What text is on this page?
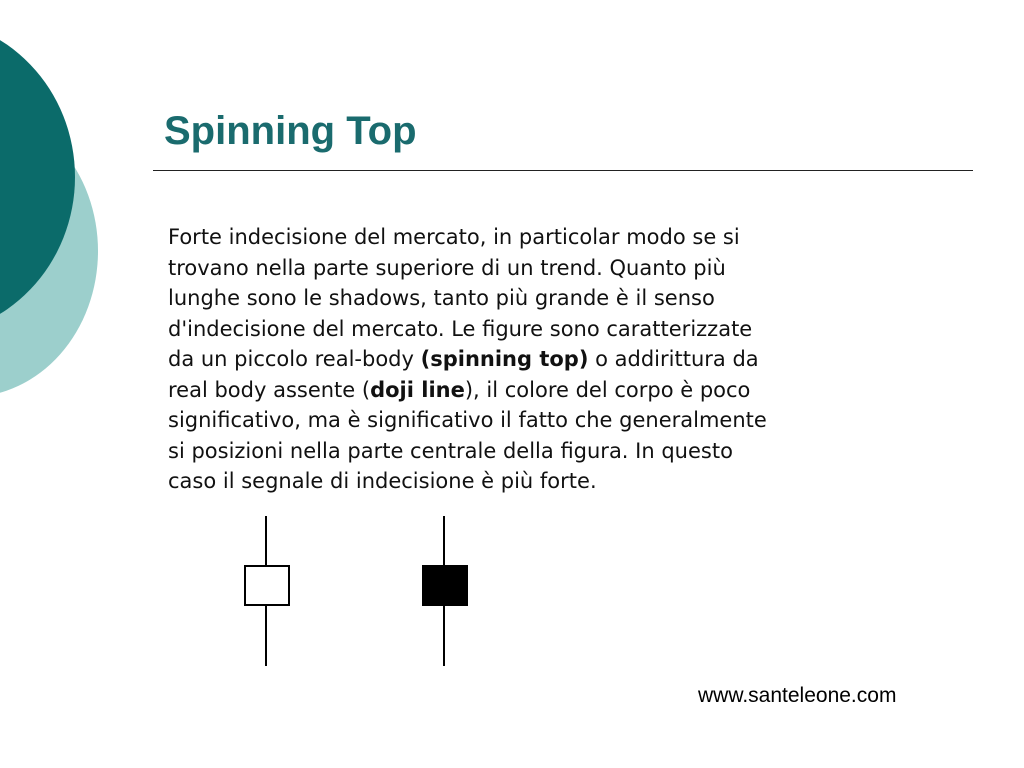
Spinning Top

Forte indecisione del mercato, in particolar modo se si
trovano nella parte superiore di un trend. Quanto più
lunghe sono le shadows, tanto più grande è il senso
d'indecisione del mercato. Le figure sono caratterizzate
da un piccolo real-body (spinning top) o addirittura da
real body assente (doji line), il colore del corpo è poco
significativo, ma è significativo il fatto che generalmente
si posizioni nella parte centrale della figura. In questo
caso il segnale di indecisione è più forte.

www.santeleone.com
